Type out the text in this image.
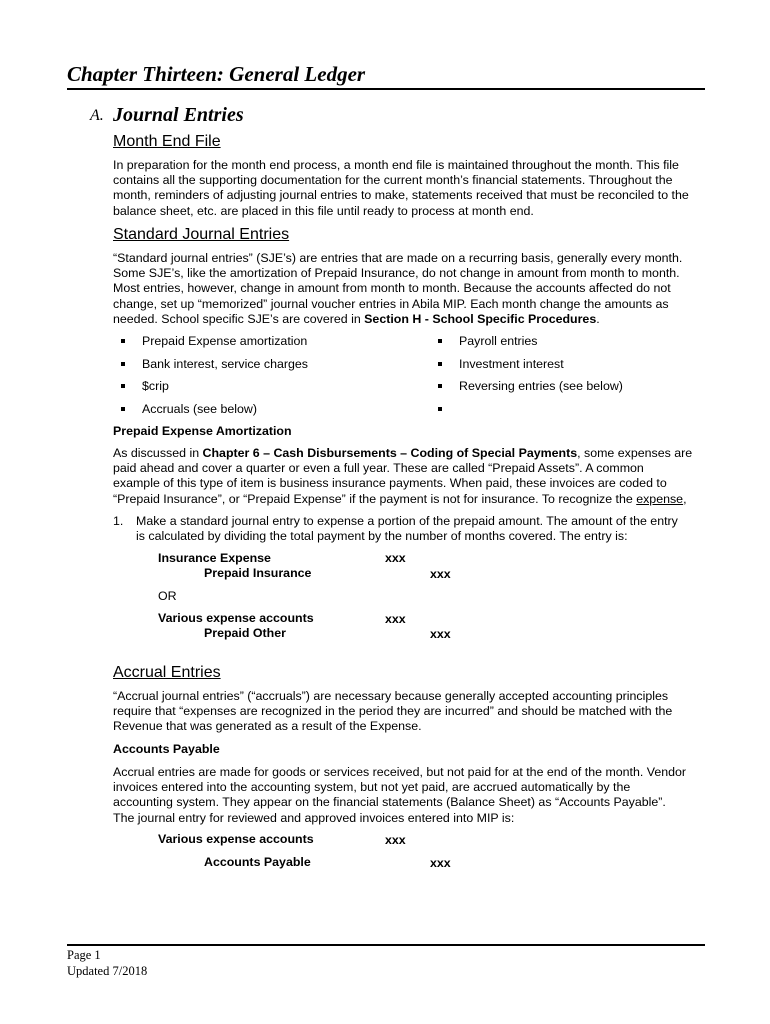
Chapter Thirteen: General Ledger
A. Journal Entries
Month End File
In preparation for the month end process, a month end file is maintained throughout the month. This file
contains all the supporting documentation for the current month’s financial statements. Throughout the
month, reminders of adjusting journal entries to make, statements received that must be reconciled to the
balance sheet, etc. are placed in this file until ready to process at month end.
Standard Journal Entries
“Standard journal entries” (SJE’s) are entries that are made on a recurring basis, generally every month.
Some SJE’s, like the amortization of Prepaid Insurance, do not change in amount from month to month.
Most entries, however, change in amount from month to month. Because the accounts affected do not
change, set up “memorized” journal voucher entries in Abila MIP. Each month change the amounts as
needed. School specific SJE’s are covered in Section H - School Specific Procedures.
Prepaid Expense amortization
Bank interest, service charges
$crip
Accruals (see below)
Payroll entries
Investment interest
Reversing entries (see below)
Prepaid Expense Amortization
As discussed in Chapter 6 – Cash Disbursements – Coding of Special Payments, some expenses are
paid ahead and cover a quarter or even a full year. These are called “Prepaid Assets”. A common
example of this type of item is business insurance payments. When paid, these invoices are coded to
“Prepaid Insurance”, or “Prepaid Expense” if the payment is not for insurance. To recognize the expense,
1. Make a standard journal entry to expense a portion of the prepaid amount. The amount of the entry
is calculated by dividing the total payment by the number of months covered. The entry is:
Insurance Expense	xxx
Prepaid Insurance	xxx
OR
Various expense accounts	xxx
Prepaid Other	xxx
Accrual Entries
“Accrual journal entries” (“accruals”) are necessary because generally accepted accounting principles
require that “expenses are recognized in the period they are incurred” and should be matched with the
Revenue that was generated as a result of the Expense.
Accounts Payable
Accrual entries are made for goods or services received, but not paid for at the end of the month. Vendor
invoices entered into the accounting system, but not yet paid, are accrued automatically by the
accounting system. They appear on the financial statements (Balance Sheet) as “Accounts Payable”.
The journal entry for reviewed and approved invoices entered into MIP is:
Various expense accounts	xxx
Accounts Payable	xxx
Page 1
Updated 7/2018
